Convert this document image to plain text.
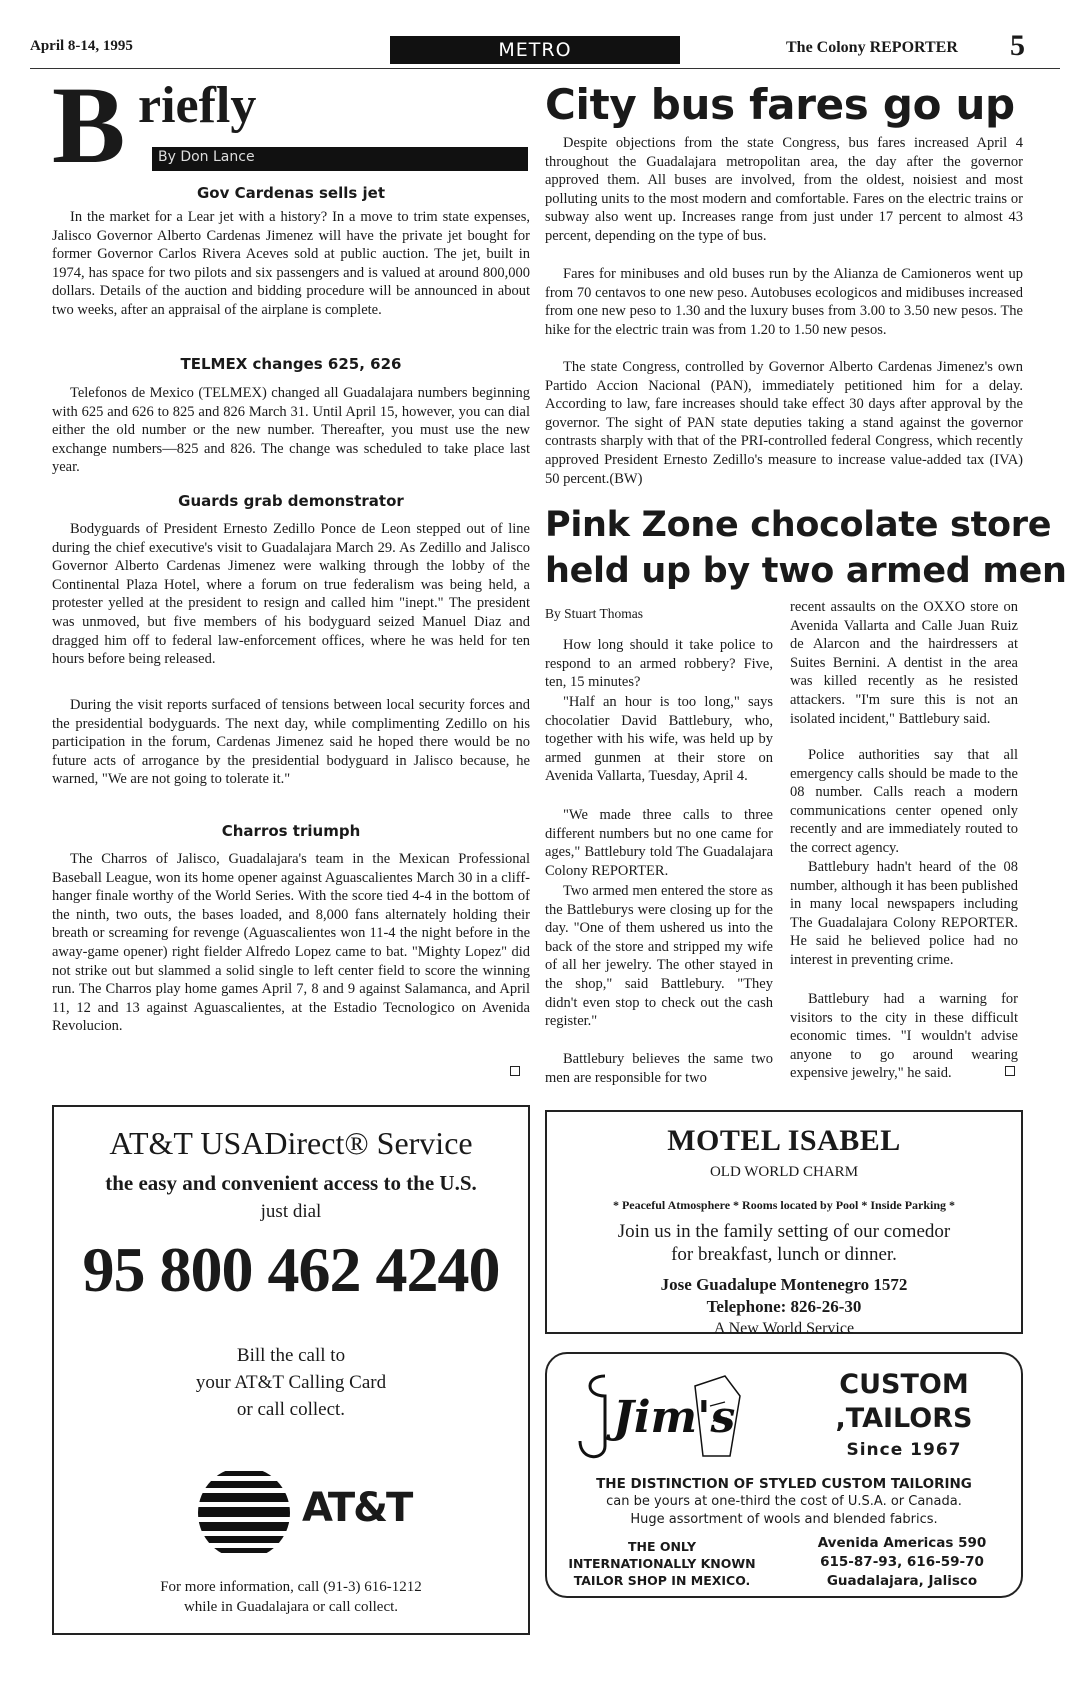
April 8-14, 1995	METRO	The Colony REPORTER 5
B riefly
By Don Lance
Gov Cardenas sells jet
In the market for a Lear jet with a history? In a move to trim state expenses, Jalisco Governor Alberto Cardenas Jimenez will have the private jet bought for former Governor Carlos Rivera Aceves sold at public auction. The jet, built in 1974, has space for two pilots and six passengers and is valued at around 800,000 dollars. Details of the auction and bidding procedure will be announced in about two weeks, after an appraisal of the airplane is complete.
TELMEX changes 625, 626
Telefonos de Mexico (TELMEX) changed all Guadalajara numbers beginning with 625 and 626 to 825 and 826 March 31. Until April 15, however, you can dial either the old number or the new number. Thereafter, you must use the new exchange numbers—825 and 826. The change was scheduled to take place last year.
Guards grab demonstrator
Bodyguards of President Ernesto Zedillo Ponce de Leon stepped out of line during the chief executive's visit to Guadalajara March 29. As Zedillo and Jalisco Governor Alberto Cardenas Jimenez were walking through the lobby of the Continental Plaza Hotel, where a forum on true federalism was being held, a protester yelled at the president to resign and called him "inept." The president was unmoved, but five members of his bodyguard seized Manuel Diaz and dragged him off to federal law-enforcement offices, where he was held for ten hours before being released.
During the visit reports surfaced of tensions between local security forces and the presidential bodyguards. The next day, while complimenting Zedillo on his participation in the forum, Cardenas Jimenez said he hoped there would be no future acts of arrogance by the presidential bodyguard in Jalisco because, he warned, "We are not going to tolerate it."
Charros triumph
The Charros of Jalisco, Guadalajara's team in the Mexican Professional Baseball League, won its home opener against Aguascalientes March 30 in a cliff-hanger finale worthy of the World Series. With the score tied 4-4 in the bottom of the ninth, two outs, the bases loaded, and 8,000 fans alternately holding their breath or screaming for revenge (Aguascalientes won 11-4 the night before in the away-game opener) right fielder Alfredo Lopez came to bat. "Mighty Lopez" did not strike out but slammed a solid single to left center field to score the winning run. The Charros play home games April 7, 8 and 9 against Salamanca, and April 11, 12 and 13 against Aguascalientes, at the Estadio Tecnologico on Avenida Revolucion.
City bus fares go up
Despite objections from the state Congress, bus fares increased April 4 throughout the Guadalajara metropolitan area, the day after the governor approved them. All buses are involved, from the oldest, noisiest and most polluting units to the most modern and comfortable. Fares on the electric trains or subway also went up. Increases range from just under 17 percent to almost 43 percent, depending on the type of bus.
Fares for minibuses and old buses run by the Alianza de Camioneros went up from 70 centavos to one new peso. Autobuses ecologicos and midibuses increased from one new peso to 1.30 and the luxury buses from 3.00 to 3.50 new pesos. The hike for the electric train was from 1.20 to 1.50 new pesos.
The state Congress, controlled by Governor Alberto Cardenas Jimenez's own Partido Accion Nacional (PAN), immediately petitioned him for a delay. According to law, fare increases should take effect 30 days after approval by the governor. The sight of PAN state deputies taking a stand against the governor contrasts sharply with that of the PRI-controlled federal Congress, which recently approved President Ernesto Zedillo's measure to increase value-added tax (IVA) 50 percent.(BW)
Pink Zone chocolate store
held up by two armed men
By Stuart Thomas
How long should it take police to respond to an armed robbery? Five, ten, 15 minutes?
"Half an hour is too long," says chocolatier David Battlebury, who, together with his wife, was held up by armed gunmen at their store on Avenida Vallarta, Tuesday, April 4.
"We made three calls to three different numbers but no one came for ages," Battlebury told The Guadalajara Colony REPORTER.
Two armed men entered the store as the Battleburys were closing up for the day. "One of them ushered us into the back of the store and stripped my wife of all her jewelry. The other stayed in the shop," said Battlebury. "They didn't even stop to check out the cash register."
Battlebury believes the same two men are responsible for two
recent assaults on the OXXO store on Avenida Vallarta and Calle Juan Ruiz de Alarcon and the hairdressers at Suites Bernini. A dentist in the area was killed recently as he resisted attackers. "I'm sure this is not an isolated incident," Battlebury said.
Police authorities say that all emergency calls should be made to the 08 number. Calls reach a modern communications center opened only recently and are immediately routed to the correct agency.
Battlebury hadn't heard of the 08 number, although it has been published in many local newspapers including The Guadalajara Colony REPORTER. He said he believed police had no interest in preventing crime.
Battlebury had a warning for visitors to the city in these difficult economic times. "I wouldn't advise anyone to go around wearing expensive jewelry," he said.
AT&T USADirect® Service
the easy and convenient access to the U.S.
just dial
95 800 462 4240
Bill the call to
your AT&T Calling Card
or call collect.
AT&T
For more information, call (91-3) 616-1212
while in Guadalajara or call collect.
MOTEL ISABEL
OLD WORLD CHARM
* Peaceful Atmosphere * Rooms located by Pool * Inside Parking *
Join us in the family setting of our comedor
for breakfast, lunch or dinner.
Jose Guadalupe Montenegro 1572
Telephone: 826-26-30
A New World Service
Jim's
CUSTOM
,TAILORS
Since 1967
THE DISTINCTION OF STYLED CUSTOM TAILORING
can be yours at one-third the cost of U.S.A. or Canada.
Huge assortment of wools and blended fabrics.
THE ONLY
INTERNATIONALLY KNOWN
TAILOR SHOP IN MEXICO.
Avenida Americas 590
615-87-93, 616-59-70
Guadalajara, Jalisco
